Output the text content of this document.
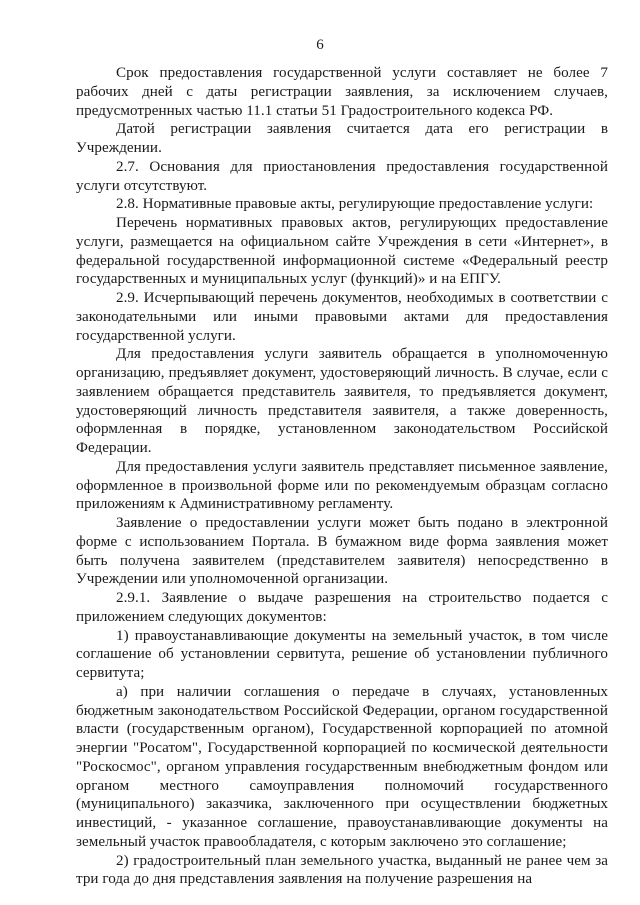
6

Срок предоставления государственной услуги составляет не более 7 рабочих дней с даты регистрации заявления, за исключением случаев, предусмотренных частью 11.1 статьи 51 Градостроительного кодекса РФ.

Датой регистрации заявления считается дата его регистрации в Учреждении.

2.7. Основания для приостановления предоставления государственной услуги отсутствуют.

2.8. Нормативные правовые акты, регулирующие предоставление услуги:

Перечень нормативных правовых актов, регулирующих предоставление услуги, размещается на официальном сайте Учреждения в сети «Интернет», в федеральной государственной информационной системе «Федеральный реестр государственных и муниципальных услуг (функций)» и на ЕПГУ.

2.9. Исчерпывающий перечень документов, необходимых в соответствии с законодательными или иными правовыми актами для предоставления государственной услуги.

Для предоставления услуги заявитель обращается в уполномоченную организацию, предъявляет документ, удостоверяющий личность. В случае, если с заявлением обращается представитель заявителя, то предъявляется документ, удостоверяющий личность представителя заявителя, а также доверенность, оформленная в порядке, установленном законодательством Российской Федерации.

Для предоставления услуги заявитель представляет письменное заявление, оформленное в произвольной форме или по рекомендуемым образцам согласно приложениям к Административному регламенту.

Заявление о предоставлении услуги может быть подано в электронной форме с использованием Портала. В бумажном виде форма заявления может быть получена заявителем (представителем заявителя) непосредственно в Учреждении или уполномоченной организации.

2.9.1. Заявление о выдаче разрешения на строительство подается с приложением следующих документов:

1) правоустанавливающие документы на земельный участок, в том числе соглашение об установлении сервитута, решение об установлении публичного сервитута;

а) при наличии соглашения о передаче в случаях, установленных бюджетным законодательством Российской Федерации, органом государственной власти (государственным органом), Государственной корпорацией по атомной энергии "Росатом", Государственной корпорацией по космической деятельности "Роскосмос", органом управления государственным внебюджетным фондом или органом местного самоуправления полномочий государственного (муниципального) заказчика, заключенного при осуществлении бюджетных инвестиций, - указанное соглашение, правоустанавливающие документы на земельный участок правообладателя, с которым заключено это соглашение;

2) градостроительный план земельного участка, выданный не ранее чем за три года до дня представления заявления на получение разрешения на
